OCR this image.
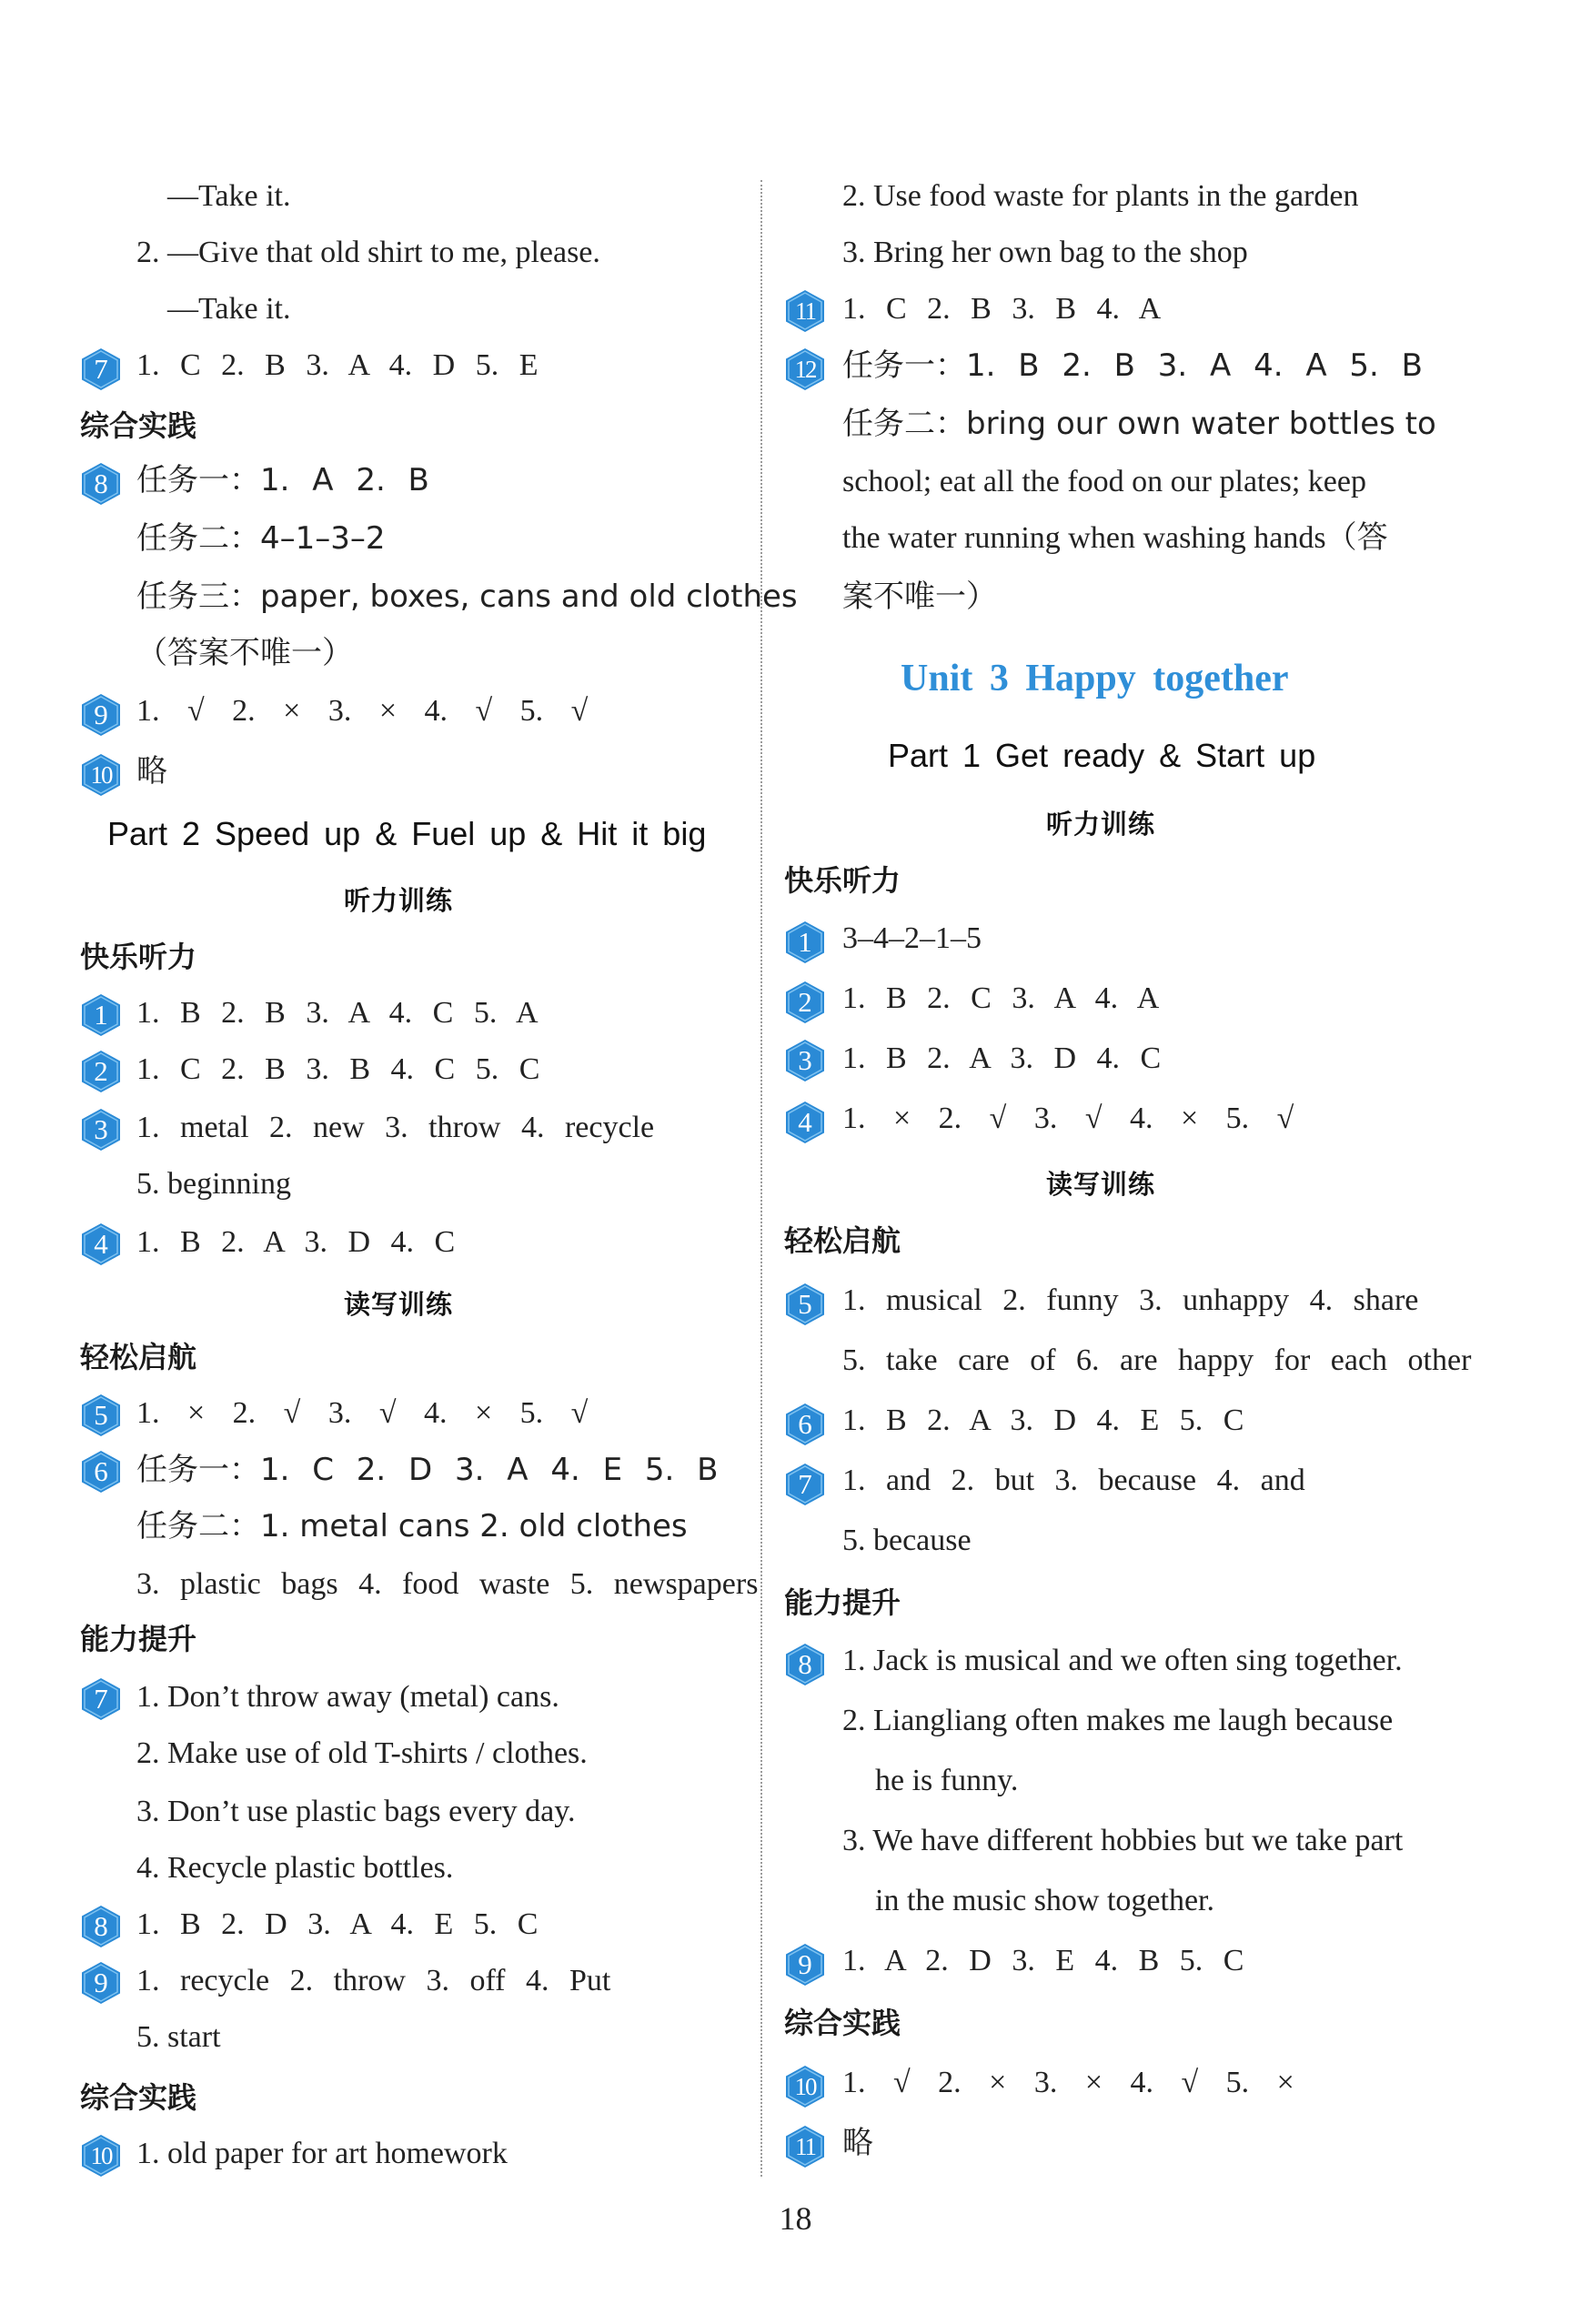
—Take it.
2. —Give that old shirt to me, please.
—Take it.
7 1. C 2. B 3. A 4. D 5. E
综合实践
8 任务一：1. A 2. B
任务二：4–1–3–2
任务三：paper, boxes, cans and old clothes
（答案不唯一）
9 1. √ 2. × 3. × 4. √ 5. √
10 略
Part 2 Speed up & Fuel up & Hit it big
听力训练
快乐听力
1 1. B 2. B 3. A 4. C 5. A
2 1. C 2. B 3. B 4. C 5. C
3 1. metal 2. new 3. throw 4. recycle
5. beginning
4 1. B 2. A 3. D 4. C
读写训练
轻松启航
5 1. × 2. √ 3. √ 4. × 5. √
6 任务一：1. C 2. D 3. A 4. E 5. B
任务二：1. metal cans 2. old clothes
3. plastic bags 4. food waste 5. newspapers
能力提升
7 1. Don’t throw away (metal) cans.
2. Make use of old T-shirts / clothes.
3. Don’t use plastic bags every day.
4. Recycle plastic bottles.
8 1. B 2. D 3. A 4. E 5. C
9 1. recycle 2. throw 3. off 4. Put
5. start
综合实践
10 1. old paper for art homework
2. Use food waste for plants in the garden
3. Bring her own bag to the shop
11 1. C 2. B 3. B 4. A
12 任务一：1. B 2. B 3. A 4. A 5. B
任务二：bring our own water bottles to
school; eat all the food on our plates; keep
the water running when washing hands（答
案不唯一）
Unit 3 Happy together
Part 1 Get ready & Start up
听力训练
快乐听力
1 3–4–2–1–5
2 1. B 2. C 3. A 4. A
3 1. B 2. A 3. D 4. C
4 1. × 2. √ 3. √ 4. × 5. √
读写训练
轻松启航
5 1. musical 2. funny 3. unhappy 4. share
5. take care of 6. are happy for each other
6 1. B 2. A 3. D 4. E 5. C
7 1. and 2. but 3. because 4. and
5. because
能力提升
8 1. Jack is musical and we often sing together.
2. Liangliang often makes me laugh because
he is funny.
3. We have different hobbies but we take part
in the music show together.
9 1. A 2. D 3. E 4. B 5. C
综合实践
10 1. √ 2. × 3. × 4. √ 5. ×
11 略
18
